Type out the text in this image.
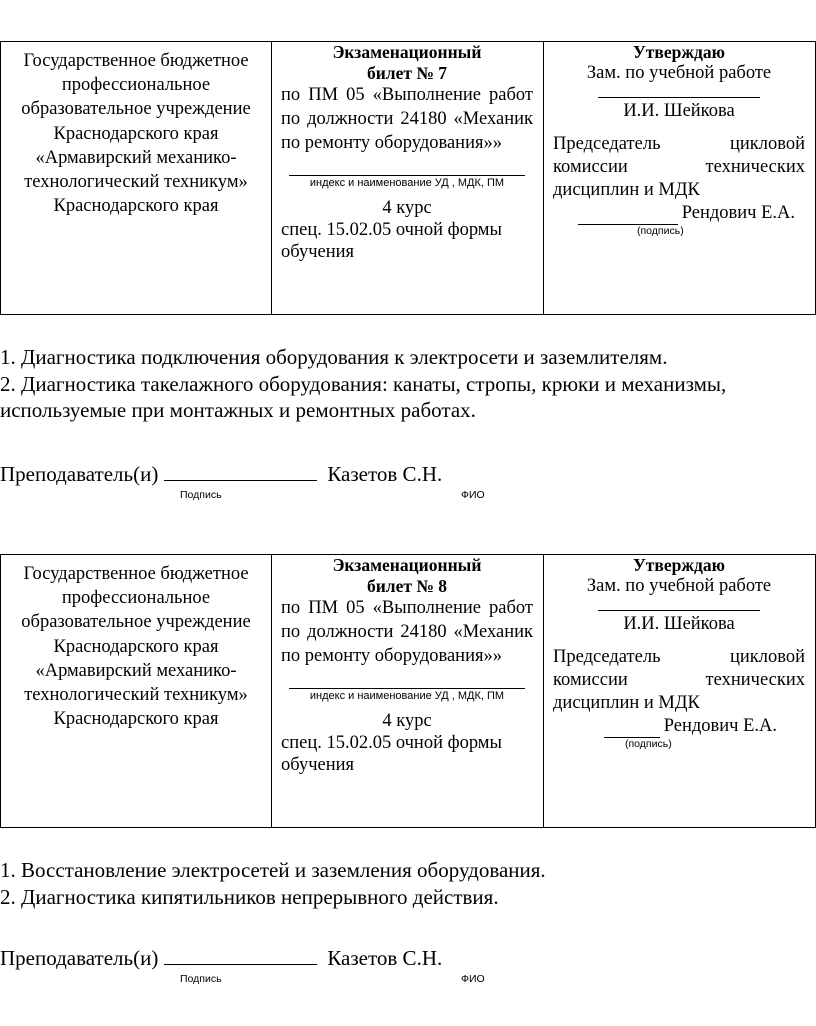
Государственное бюджетное профессиональное образовательное учреждение Краснодарского края «Армавирский механико-технологический техникум» Краснодарского края

Экзаменационный
билет № 7
по ПМ 05 «Выполнение работ по должности 24180 «Механик по ремонту оборудования»»
индекс и наименование УД , МДК, ПМ
4 курс
спец. 15.02.05 очной формы обучения

Утверждаю
Зам. по учебной работе
И.И. Шейкова
Председатель цикловой комиссии технических
дисциплин и МДК
Рендович Е.А.
(подпись)
1. Диагностика подключения оборудования к электросети и заземлителям.
2. Диагностика такелажного оборудования: канаты, стропы, крюки и механизмы, используемые при монтажных и ремонтных работах.
Преподаватель(и)	Казетов С.Н.
Подпись	ФИО
Государственное бюджетное профессиональное образовательное учреждение Краснодарского края «Армавирский механико-технологический техникум» Краснодарского края

Экзаменационный
билет № 8
по ПМ 05 «Выполнение работ по должности 24180 «Механик по ремонту оборудования»»
индекс и наименование УД , МДК, ПМ
4 курс
спец. 15.02.05 очной формы обучения

Утверждаю
Зам. по учебной работе
И.И. Шейкова
Председатель цикловой комиссии технических
дисциплин и МДК
Рендович Е.А.
(подпись)
1. Восстановление электросетей и заземления оборудования.
2. Диагностика кипятильников непрерывного действия.
Преподаватель(и)	Казетов С.Н.
Подпись	ФИО
